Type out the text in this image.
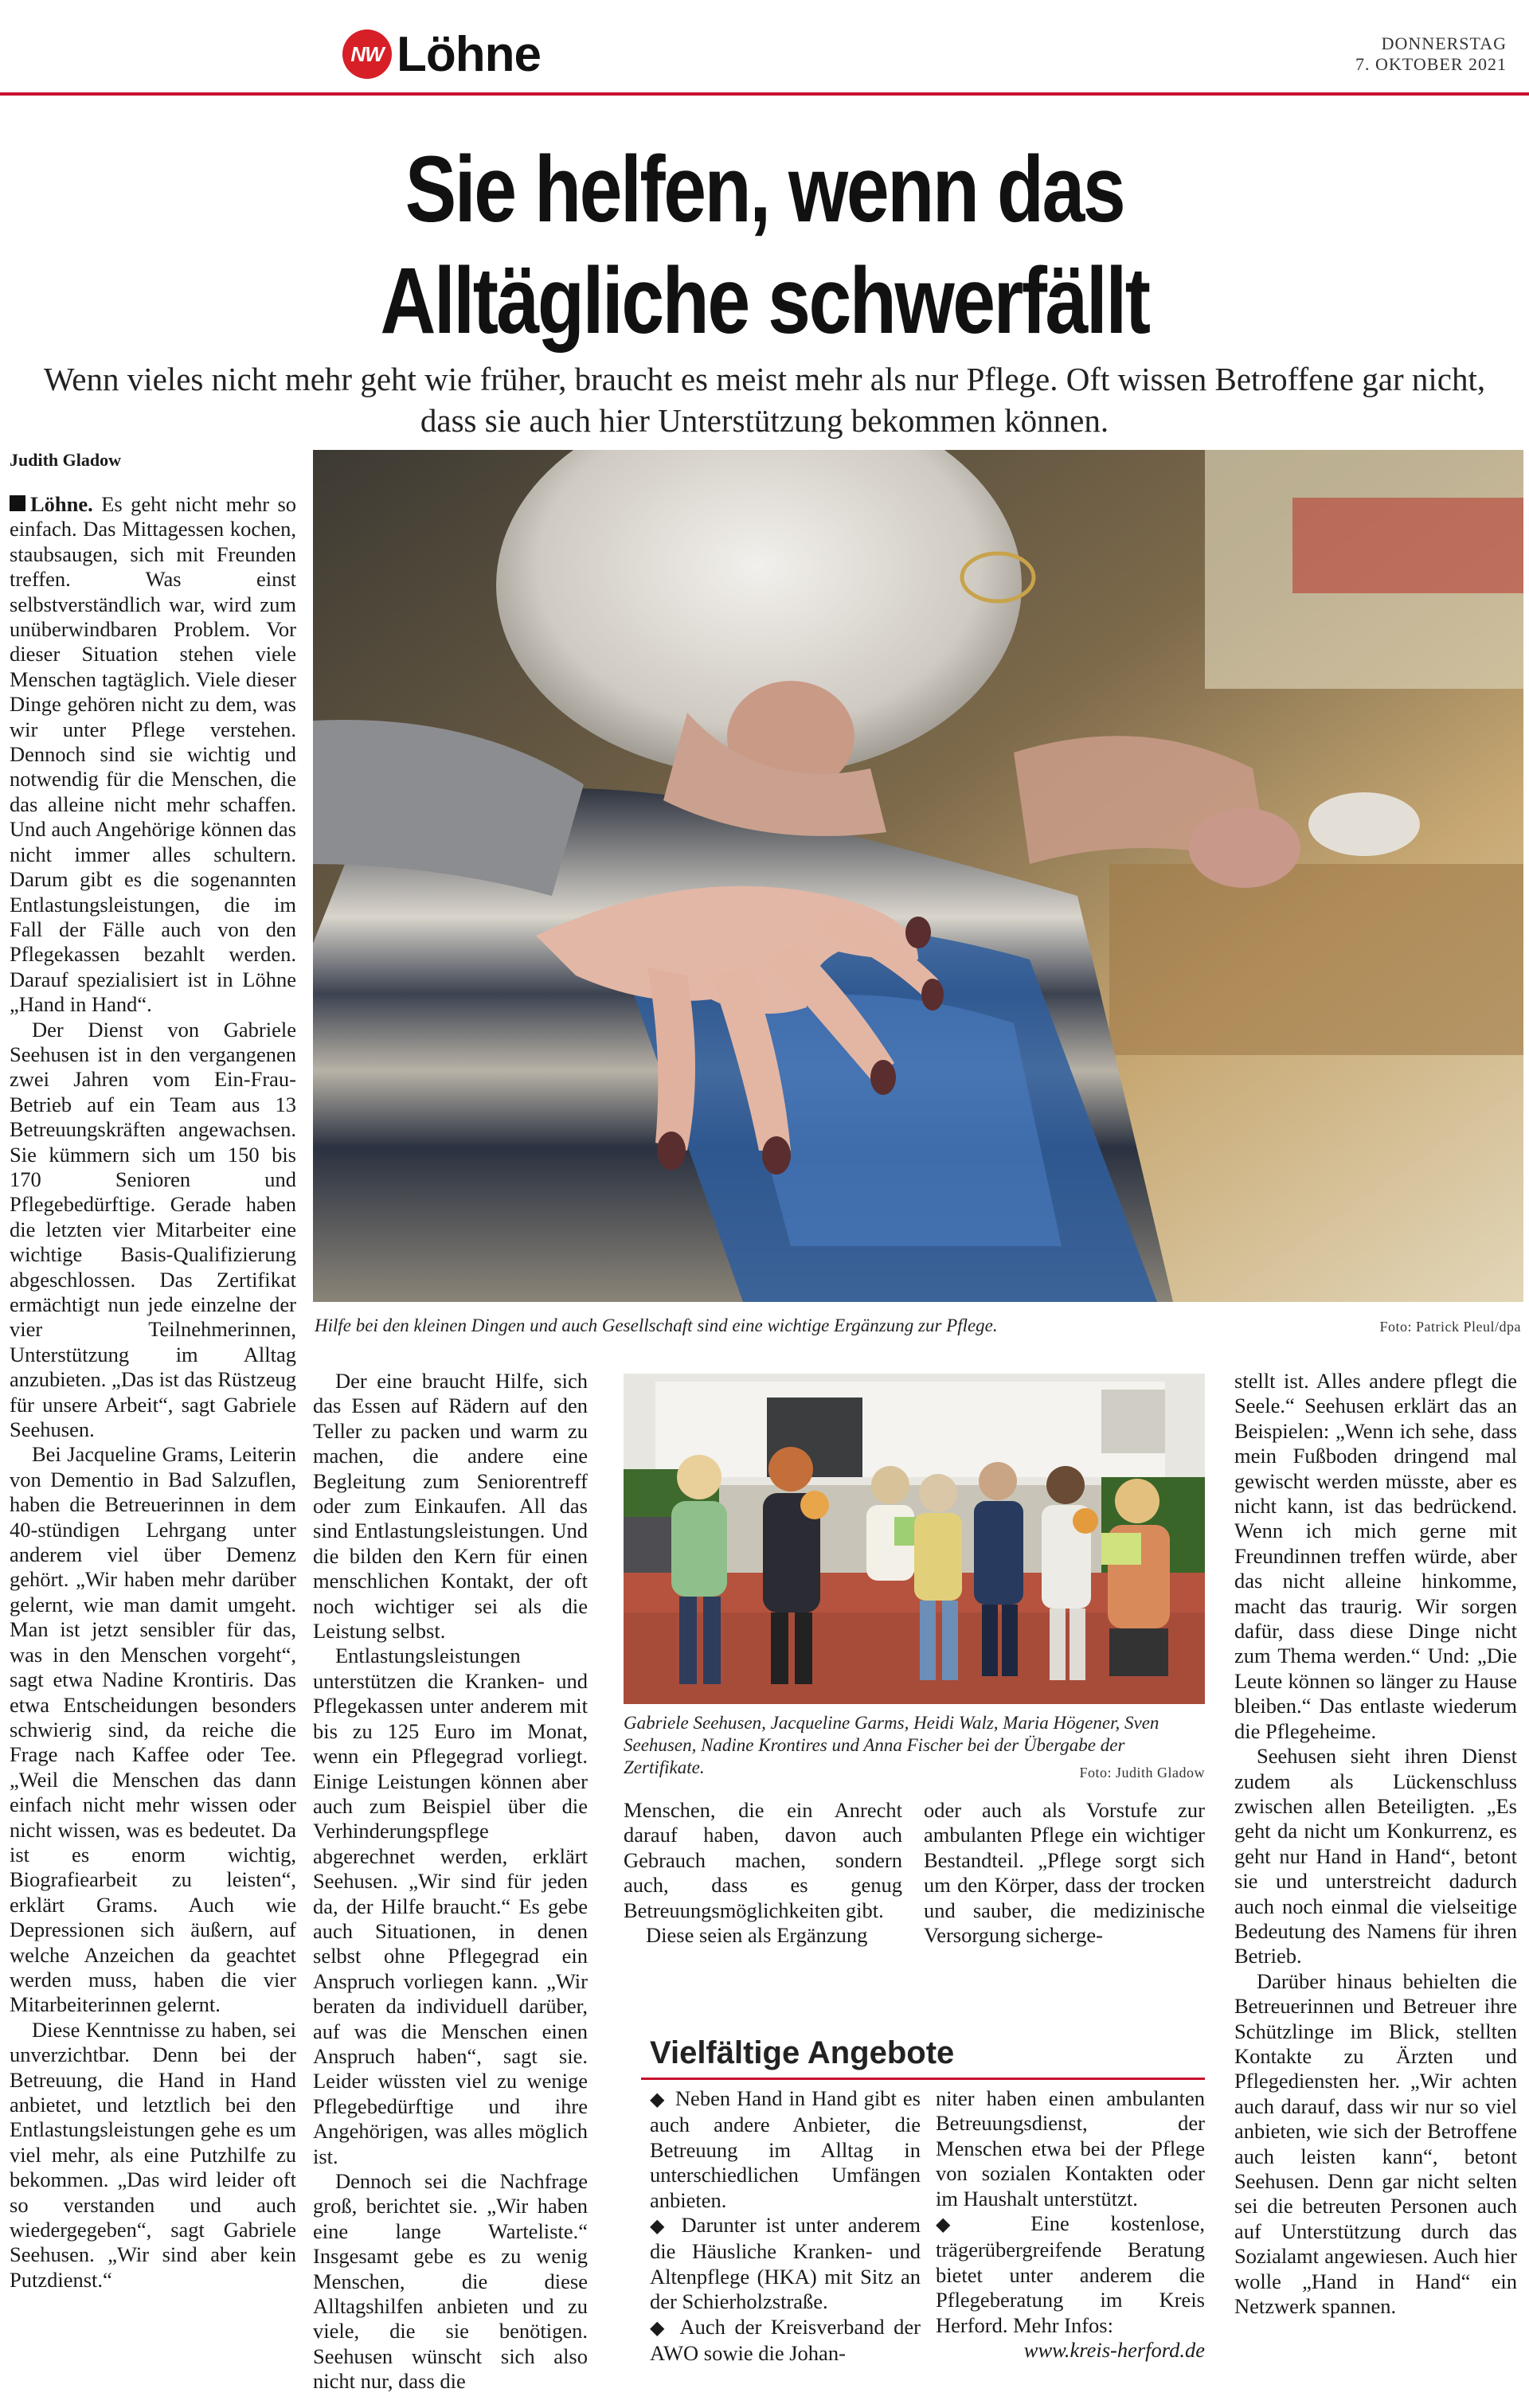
NW Löhne	DONNERSTAG
7. OKTOBER 2021
Sie helfen, wenn das
Alltägliche schwerfällt
Wenn vieles nicht mehr geht wie früher, braucht es meist mehr als nur Pflege. Oft wissen Betroffene gar nicht,
dass sie auch hier Unterstützung bekommen können.
Judith Gladow

Löhne. Es geht nicht mehr so einfach. Das Mittagessen kochen, staubsaugen, sich mit Freunden treffen. Was einst selbstverständlich war, wird zum unüberwindbaren Problem. Vor dieser Situation stehen viele Menschen tagtäglich. Viele dieser Dinge gehören nicht zu dem, was wir unter Pflege verstehen. Dennoch sind sie wichtig und notwendig für die Menschen, die das alleine nicht mehr schaffen. Und auch Angehörige können das nicht immer alles schultern. Darum gibt es die sogenannten Entlastungsleistungen, die im Fall der Fälle auch von den Pflegekassen bezahlt werden. Darauf spezialisiert ist in Löhne „Hand in Hand“.

Der Dienst von Gabriele Seehusen ist in den vergangenen zwei Jahren vom Ein-Frau-Betrieb auf ein Team aus 13 Betreuungskräften angewachsen. Sie kümmern sich um 150 bis 170 Senioren und Pflegebedürftige. Gerade haben die letzten vier Mitarbeiter eine wichtige Basis-Qualifizierung abgeschlossen. Das Zertifikat ermächtigt nun jede einzelne der vier Teilnehmerinnen, Unterstützung im Alltag anzubieten. „Das ist das Rüstzeug für unsere Arbeit“, sagt Gabriele Seehusen.

Bei Jacqueline Grams, Leiterin von Dementio in Bad Salzuflen, haben die Betreuerinnen in dem 40-stündigen Lehrgang unter anderem viel über Demenz gehört. „Wir haben mehr darüber gelernt, wie man damit umgeht. Man ist jetzt sensibler für das, was in den Menschen vorgeht“, sagt etwa Nadine Krontiris. Das etwa Entscheidungen besonders schwierig sind, da reiche die Frage nach Kaffee oder Tee. „Weil die Menschen das dann einfach nicht mehr wissen oder nicht wissen, was es bedeutet. Da ist es enorm wichtig, Biografiearbeit zu leisten“, erklärt Grams. Auch wie Depressionen sich äußern, auf welche Anzeichen da geachtet werden muss, haben die vier Mitarbeiterinnen gelernt.

Diese Kenntnisse zu haben, sei unverzichtbar. Denn bei der Betreuung, die Hand in Hand anbietet, und letztlich bei den Entlastungsleistungen gehe es um viel mehr, als eine Putzhilfe zu bekommen. „Das wird leider oft so verstanden und auch wiedergegeben“, sagt Gabriele Seehusen. „Wir sind aber kein Putzdienst.“

Hilfe bei den kleinen Dingen und auch Gesellschaft sind eine wichtige Ergänzung zur Pflege.	Foto: Patrick Pleul/dpa

Der eine braucht Hilfe, sich das Essen auf Rädern auf den Teller zu packen und warm zu machen, die andere eine Begleitung zum Seniorentreff oder zum Einkaufen. All das sind Entlastungsleistungen. Und die bilden den Kern für einen menschlichen Kontakt, der oft noch wichtiger sei als die Leistung selbst.

Entlastungsleistungen unterstützen die Kranken- und Pflegekassen unter anderem mit bis zu 125 Euro im Monat, wenn ein Pflegegrad vorliegt. Einige Leistungen können aber auch zum Beispiel über die Verhinderungspflege abgerechnet werden, erklärt Seehusen. „Wir sind für jeden da, der Hilfe braucht.“ Es gebe auch Situationen, in denen selbst ohne Pflegegrad ein Anspruch vorliegen kann. „Wir beraten da individuell darüber, auf was die Menschen einen Anspruch haben“, sagt sie. Leider wüssten viel zu wenige Pflegebedürftige und ihre Angehörigen, was alles möglich ist.

Dennoch sei die Nachfrage groß, berichtet sie. „Wir haben eine lange Warteliste.“ Insgesamt gebe es zu wenig Menschen, die diese Alltagshilfen anbieten und zu viele, die sie benötigen. Seehusen wünscht sich also nicht nur, dass die

Gabriele Seehusen, Jacqueline Garms, Heidi Walz, Maria Högener, Sven Seehusen, Nadine Krontires und Anna Fischer bei der Übergabe der Zertifikate.	Foto: Judith Gladow

Menschen, die ein Anrecht darauf haben, davon auch Gebrauch machen, sondern auch, dass es genug Betreuungsmöglichkeiten gibt.

Diese seien als Ergänzung

oder auch als Vorstufe zur ambulanten Pflege ein wichtiger Bestandteil. „Pflege sorgt sich um den Körper, dass der trocken und sauber, die medizinische Versorgung sicherge-

Vielfältige Angebote

◆ Neben Hand in Hand gibt es auch andere Anbieter, die Betreuung im Alltag in unterschiedlichen Umfängen anbieten.

◆ Darunter ist unter anderem die Häusliche Kranken- und Altenpflege (HKA) mit Sitz an der Schierholzstraße.

◆ Auch der Kreisverband der AWO sowie die Johan-

niter haben einen ambulanten Betreuungsdienst, der Menschen etwa bei der Pflege von sozialen Kontakten oder im Haushalt unterstützt.

◆ Eine kostenlose, trägerübergreifende Beratung bietet unter anderem die Pflegeberatung im Kreis Herford. Mehr Infos:

www.kreis-herford.de

stellt ist. Alles andere pflegt die Seele.“ Seehusen erklärt das an Beispielen: „Wenn ich sehe, dass mein Fußboden dringend mal gewischt werden müsste, aber es nicht kann, ist das bedrückend. Wenn ich mich gerne mit Freundinnen treffen würde, aber das nicht alleine hinkomme, macht das traurig. Wir sorgen dafür, dass diese Dinge nicht zum Thema werden.“ Und: „Die Leute können so länger zu Hause bleiben.“ Das entlaste wiederum die Pflegeheime.

Seehusen sieht ihren Dienst zudem als Lückenschluss zwischen allen Beteiligten. „Es geht da nicht um Konkurrenz, es geht nur Hand in Hand“, betont sie und unterstreicht dadurch auch noch einmal die vielseitige Bedeutung des Namens für ihren Betrieb.

Darüber hinaus behielten die Betreuerinnen und Betreuer ihre Schützlinge im Blick, stellten Kontakte zu Ärzten und Pflegediensten her. „Wir achten auch darauf, dass wir nur so viel anbieten, wie sich der Betroffene auch leisten kann“, betont Seehusen. Denn gar nicht selten sei die betreuten Personen auch auf Unterstützung durch das Sozialamt angewiesen. Auch hier wolle „Hand in Hand“ ein Netzwerk spannen.
